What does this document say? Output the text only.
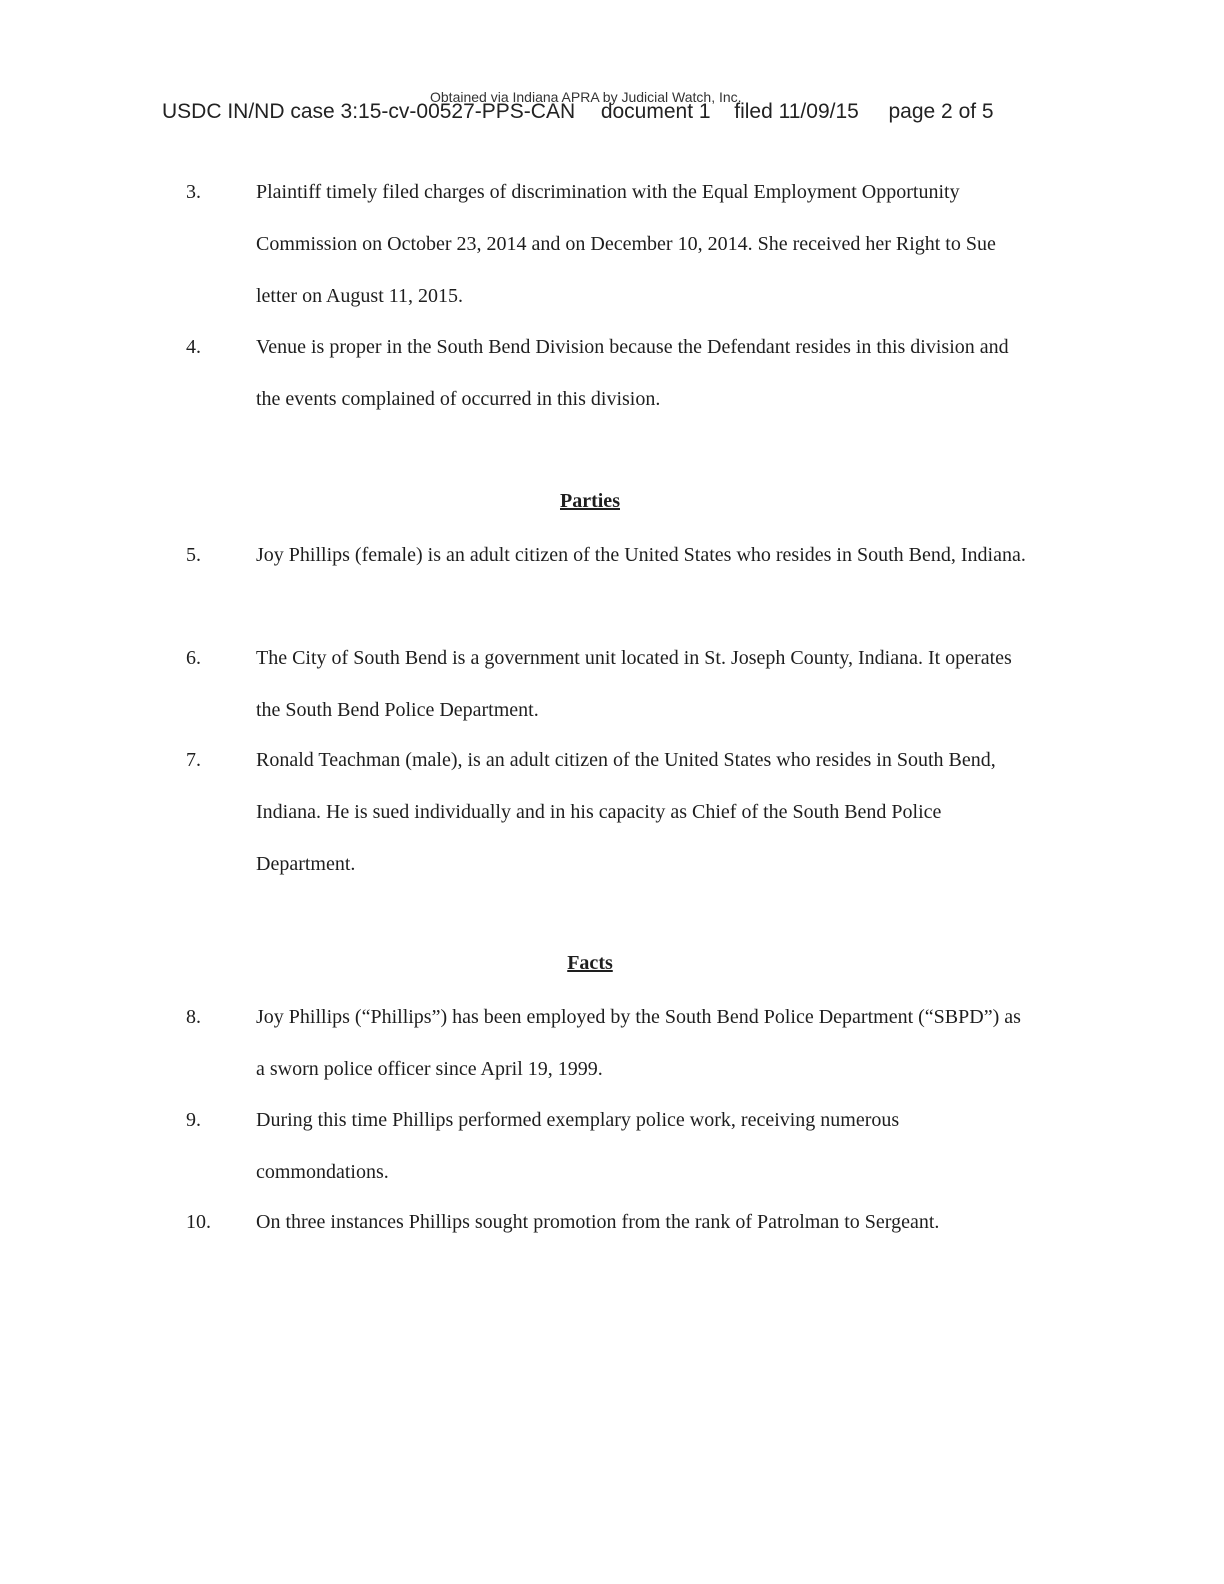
Obtained via Indiana APRA by Judicial Watch, Inc.
USDC IN/ND case 3:15-cv-00527-PPS-CAN document 1 filed 11/09/15 page 2 of 5
3.	Plaintiff timely filed charges of discrimination with the Equal Employment Opportunity Commission on October 23, 2014 and on December 10, 2014. She received her Right to Sue letter on August 11, 2015.
4.	Venue is proper in the South Bend Division because the Defendant resides in this division and the events complained of occurred in this division.
Parties
5.	Joy Phillips (female) is an adult citizen of the United States who resides in South Bend, Indiana.
6.	The City of South Bend is a government unit located in St. Joseph County, Indiana. It operates the South Bend Police Department.
7.	Ronald Teachman (male), is an adult citizen of the United States who resides in South Bend, Indiana. He is sued individually and in his capacity as Chief of the South Bend Police Department.
Facts
8.	Joy Phillips (“Phillips”) has been employed by the South Bend Police Department (“SBPD”) as a sworn police officer since April 19, 1999.
9.	During this time Phillips performed exemplary police work, receiving numerous commondations.
10.	On three instances Phillips sought promotion from the rank of Patrolman to Sergeant.
